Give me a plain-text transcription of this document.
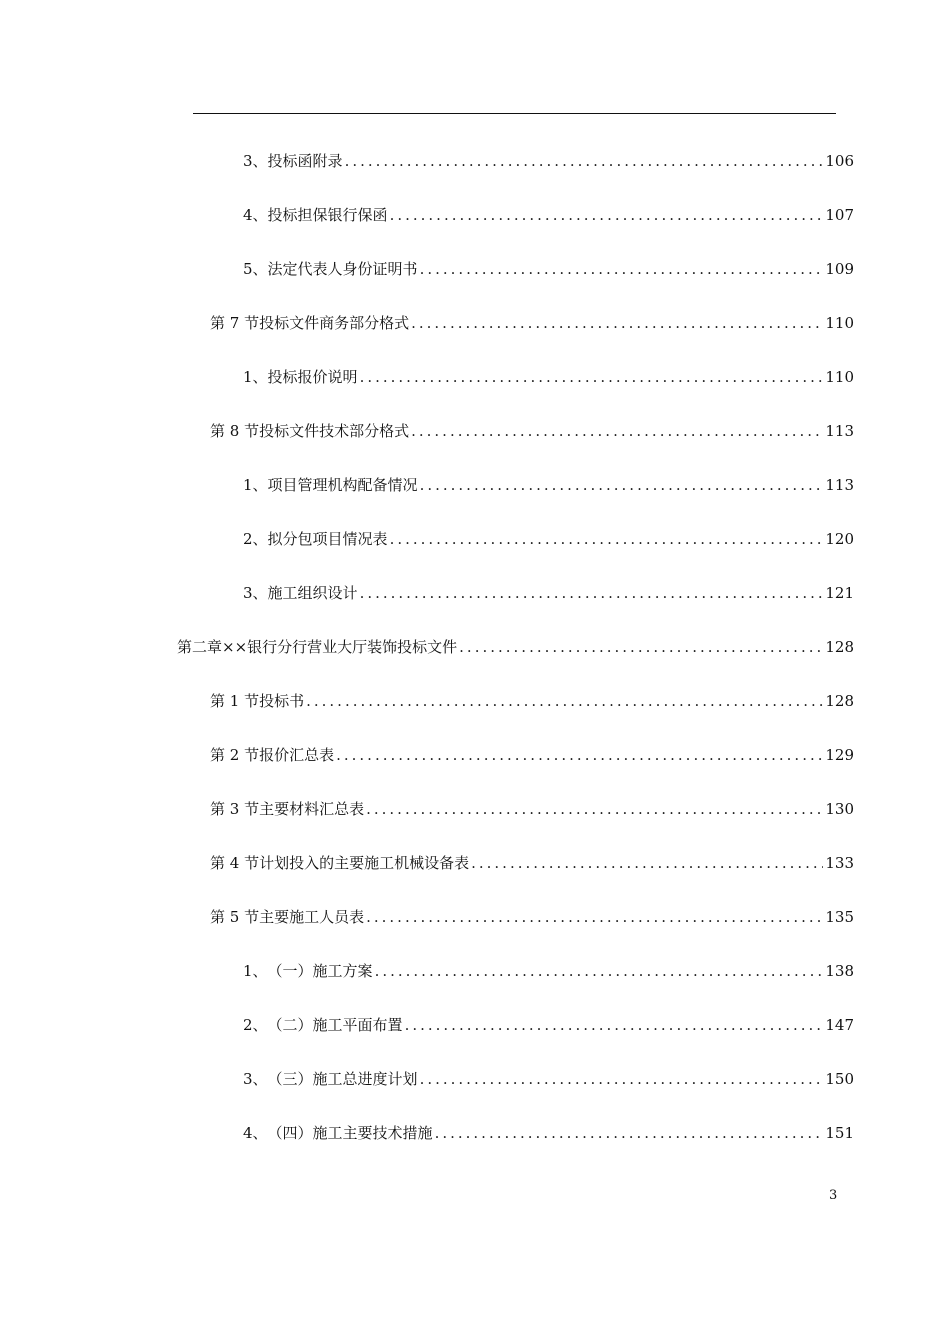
3、 投标函附录 .....	106
4、 投标担保银行保函 .....	107
5、 法定代表人身份证明书 .....	109
第 7 节 投标文件商务部分格式 .....	110
1、 投标报价说明 .....	110
第 8 节 投标文件技术部分格式 .....	113
1、 项目管理机构配备情况 .....	113
2、 拟分包项目情况表 .....	120
3、 施工组织设计 .....	121
第二章 ××银行分行营业大厅装饰投标文件 .....	128
第 1 节 投标书 .....	128
第 2 节 报价汇总表 .....	129
第 3 节 主要材料汇总表 .....	130
第 4 节 计划投入的主要施工机械设备表 .....	133
第 5 节 主要施工人员表 .....	135
1、 （一）施工方案 .....	138
2、 （二）施工平面布置 .....	147
3、 （三）施工总进度计划 .....	150
4、 （四）施工主要技术措施 .....	151
3
